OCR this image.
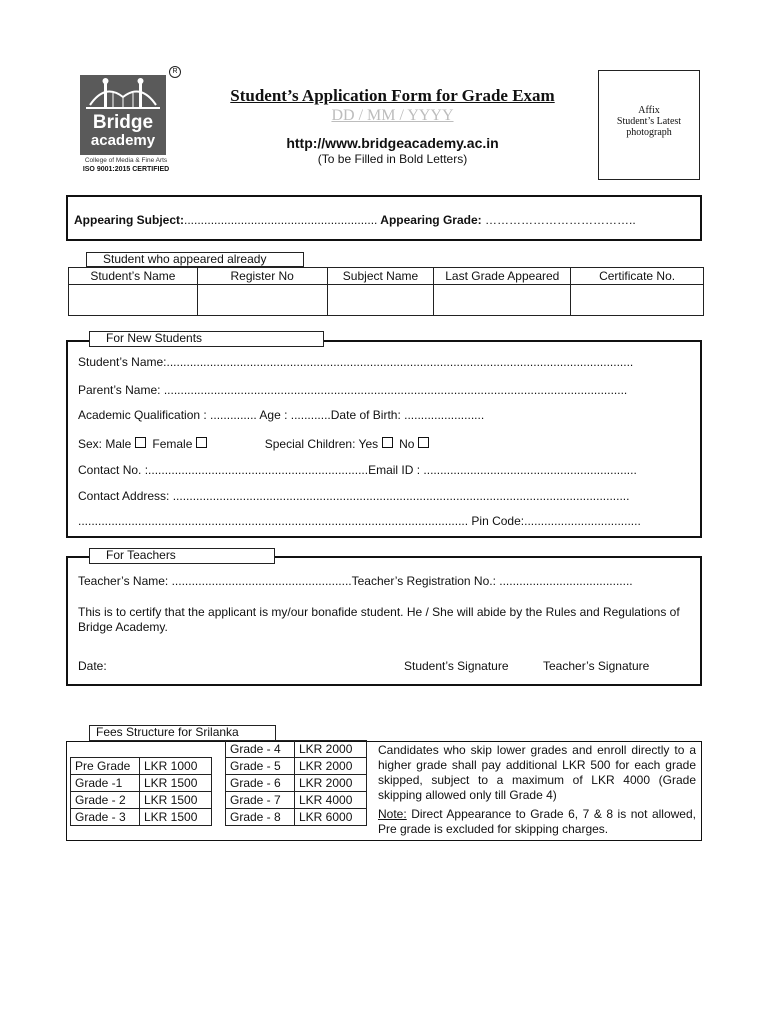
Bridge
academy
R
College of Media & Fine Arts
ISO 9001:2015 CERTIFIED
Student’s Application Form for Grade Exam
DD / MM / YYYY
http://www.bridgeacademy.ac.in
(To be Filled in Bold Letters)
Affix
Student’s Latest
photograph
Appearing Subject:.......................................................... Appearing Grade: ………………………………..
Student who appeared already
Student’s Name	Register No	Subject Name	Last Grade Appeared	Certificate No.

For New Students
Student’s Name:............................................................................................................................................
Parent’s Name: ...........................................................................................................................................
Academic Qualification : .............. Age : ............Date of Birth: ........................
Sex: Male Female	Special Children: Yes No
Contact No. :..................................................................Email ID : ................................................................
Contact Address: .........................................................................................................................................
..................................................................................................................... Pin Code:...................................
For Teachers
Teacher’s Name: ......................................................Teacher’s Registration No.: ........................................
This is to certify that the applicant is my/our bonafide student. He / She will abide by the Rules and Regulations of Bridge Academy.
Date:	Student’s Signature	Teacher’s Signature
Fees Structure for Srilanka
Pre Grade	LKR 1000
Grade -1	LKR 1500
Grade - 2	LKR 1500
Grade - 3	LKR 1500
Grade - 4	LKR 2000
Grade - 5	LKR 2000
Grade - 6	LKR 2000
Grade - 7	LKR 4000
Grade - 8	LKR 6000

Candidates who skip lower grades and enroll directly to a higher grade shall pay additional LKR 500 for each grade skipped, subject to a maximum of LKR 4000 (Grade skipping allowed only till Grade 4)

Note: Direct Appearance to Grade 6, 7 & 8 is not allowed, Pre grade is excluded for skipping charges.
